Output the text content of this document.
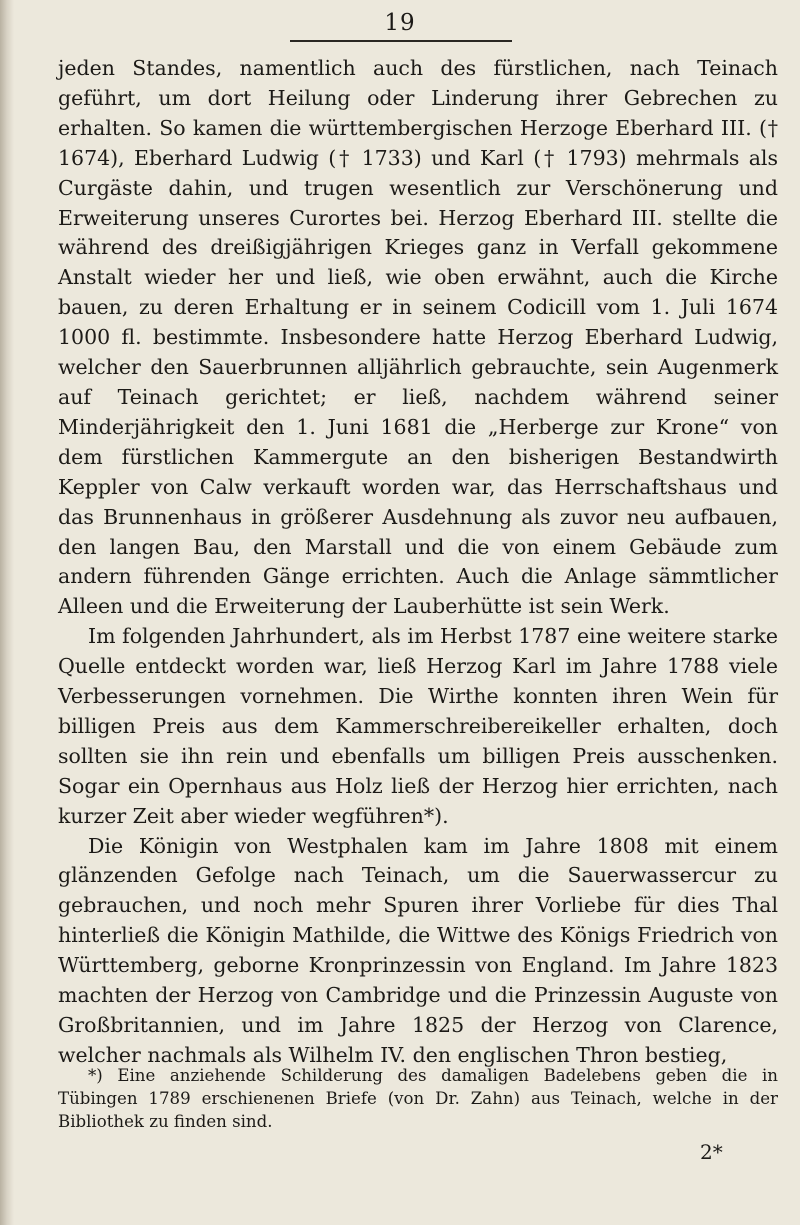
19

jeden Standes, namentlich auch des fürstlichen, nach Teinach geführt, um dort Heilung oder Linderung ihrer Gebrechen zu erhalten. So kamen die württembergischen Herzoge Eberhard III. († 1674), Eberhard Ludwig († 1733) und Karl († 1793) mehrmals als Curgäste dahin, und trugen wesentlich zur Verschönerung und Erweiterung unseres Curortes bei. Herzog Eberhard III. stellte die während des dreißigjährigen Krieges ganz in Verfall gekommene Anstalt wieder her und ließ, wie oben erwähnt, auch die Kirche bauen, zu deren Erhaltung er in seinem Codicill vom 1. Juli 1674 1000 fl. bestimmte. Insbesondere hatte Herzog Eberhard Ludwig, welcher den Sauerbrunnen alljährlich gebrauchte, sein Augenmerk auf Teinach gerichtet; er ließ, nachdem während seiner Minderjährigkeit den 1. Juni 1681 die „Herberge zur Krone“ von dem fürstlichen Kammergute an den bisherigen Bestandwirth Keppler von Calw verkauft worden war, das Herrschaftshaus und das Brunnenhaus in größerer Ausdehnung als zuvor neu aufbauen, den langen Bau, den Marstall und die von einem Gebäude zum andern führenden Gänge errichten. Auch die Anlage sämmtlicher Alleen und die Erweiterung der Lauberhütte ist sein Werk.

Im folgenden Jahrhundert, als im Herbst 1787 eine weitere starke Quelle entdeckt worden war, ließ Herzog Karl im Jahre 1788 viele Verbesserungen vornehmen. Die Wirthe konnten ihren Wein für billigen Preis aus dem Kammerschreibereikeller erhalten, doch sollten sie ihn rein und ebenfalls um billigen Preis ausschenken. Sogar ein Opernhaus aus Holz ließ der Herzog hier errichten, nach kurzer Zeit aber wieder wegführen*).

Die Königin von Westphalen kam im Jahre 1808 mit einem glänzenden Gefolge nach Teinach, um die Sauerwassercur zu gebrauchen, und noch mehr Spuren ihrer Vorliebe für dies Thal hinterließ die Königin Mathilde, die Wittwe des Königs Friedrich von Württemberg, geborne Kronprinzessin von England. Im Jahre 1823 machten der Herzog von Cambridge und die Prinzessin Auguste von Großbritannien, und im Jahre 1825 der Herzog von Clarence, welcher nachmals als Wilhelm IV. den englischen Thron bestieg,

*) Eine anziehende Schilderung des damaligen Badelebens geben die in Tübingen 1789 erschienenen Briefe (von Dr. Zahn) aus Teinach, welche in der Bibliothek zu finden sind.
2*
